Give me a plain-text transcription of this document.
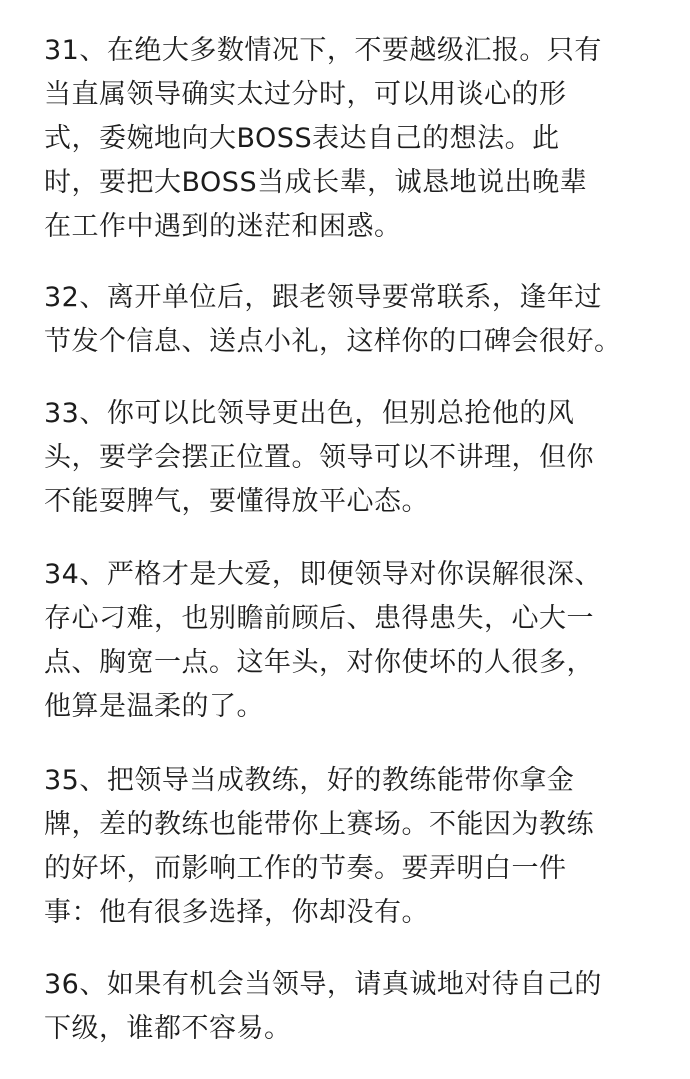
31、在绝大多数情况下，不要越级汇报。只有
当直属领导确实太过分时，可以用谈心的形
式，委婉地向大BOSS表达自己的想法。此
时，要把大BOSS当成长辈，诚恳地说出晚辈
在工作中遇到的迷茫和困惑。
32、离开单位后，跟老领导要常联系，逢年过
节发个信息、送点小礼，这样你的口碑会很好。
33、你可以比领导更出色，但别总抢他的风
头，要学会摆正位置。领导可以不讲理，但你
不能耍脾气，要懂得放平心态。
34、严格才是大爱，即便领导对你误解很深、
存心刁难，也别瞻前顾后、患得患失，心大一
点、胸宽一点。这年头，对你使坏的人很多，
他算是温柔的了。
35、把领导当成教练，好的教练能带你拿金
牌，差的教练也能带你上赛场。不能因为教练
的好坏，而影响工作的节奏。要弄明白一件
事：他有很多选择，你却没有。
36、如果有机会当领导，请真诚地对待自己的
下级，谁都不容易。
